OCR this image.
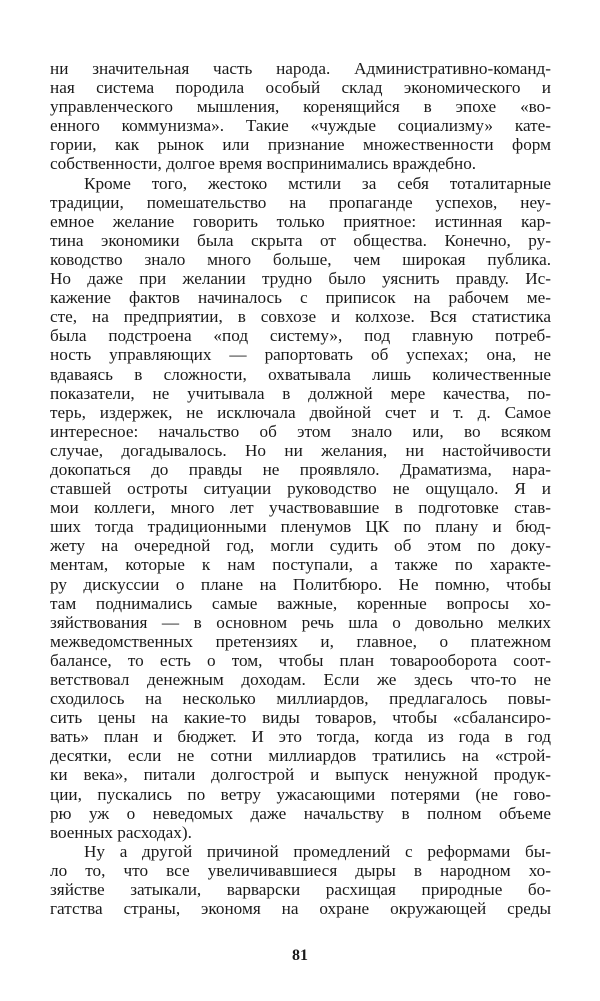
ни значительная часть народа. Административно-команд-
ная система породила особый склад экономического и
управленческого мышления, коренящийся в эпохе «во-
енного коммунизма». Такие «чуждые социализму» кате-
гории, как рынок или признание множественности форм
собственности, долгое время воспринимались враждебно.
Кроме того, жестоко мстили за себя тоталитарные
традиции, помешательство на пропаганде успехов, неу-
емное желание говорить только приятное: истинная кар-
тина экономики была скрыта от общества. Конечно, ру-
ководство знало много больше, чем широкая публика.
Но даже при желании трудно было уяснить правду. Ис-
кажение фактов начиналось с приписок на рабочем ме-
сте, на предприятии, в совхозе и колхозе. Вся статистика
была подстроена «под систему», под главную потреб-
ность управляющих — рапортовать об успехах; она, не
вдаваясь в сложности, охватывала лишь количественные
показатели, не учитывала в должной мере качества, по-
терь, издержек, не исключала двойной счет и т. д. Самое
интересное: начальство об этом знало или, во всяком
случае, догадывалось. Но ни желания, ни настойчивости
докопаться до правды не проявляло. Драматизма, нара-
ставшей остроты ситуации руководство не ощущало. Я и
мои коллеги, много лет участвовавшие в подготовке став-
ших тогда традиционными пленумов ЦК по плану и бюд-
жету на очередной год, могли судить об этом по доку-
ментам, которые к нам поступали, а также по характе-
ру дискуссии о плане на Политбюро. Не помню, чтобы
там поднимались самые важные, коренные вопросы хо-
зяйствования — в основном речь шла о довольно мелких
межведомственных претензиях и, главное, о платежном
балансе, то есть о том, чтобы план товарооборота соот-
ветствовал денежным доходам. Если же здесь что-то не
сходилось на несколько миллиардов, предлагалось повы-
сить цены на какие-то виды товаров, чтобы «сбалансиро-
вать» план и бюджет. И это тогда, когда из года в год
десятки, если не сотни миллиардов тратились на «строй-
ки века», питали долгострой и выпуск ненужной продук-
ции, пускались по ветру ужасающими потерями (не гово-
рю уж о неведомых даже начальству в полном объеме
военных расходах).
Ну а другой причиной промедлений с реформами бы-
ло то, что все увеличивавшиеся дыры в народном хо-
зяйстве затыкали, варварски расхищая природные бо-
гатства страны, экономя на охране окружающей среды
81
